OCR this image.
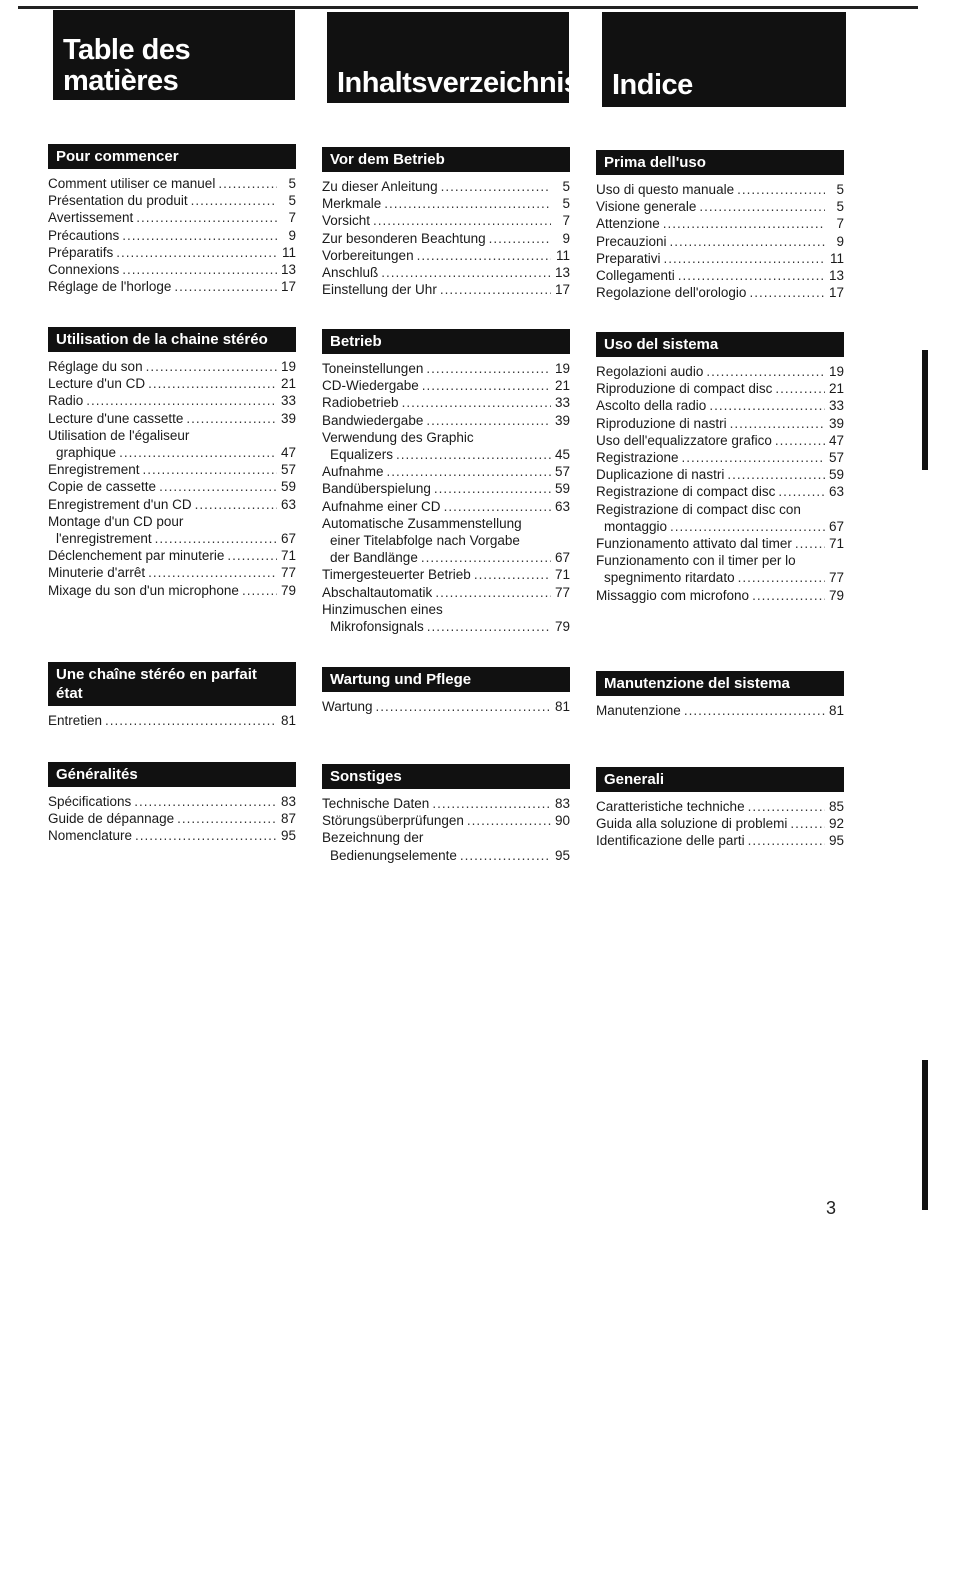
Table des
matières	Inhaltsverzeichnis	Indice
Pour commencer
Comment utiliser ce manuel .....	5
Présentation du produit .....	5
Avertissement .....	7
Précautions .....	9
Préparatifs .....	11
Connexions .....	13
Réglage de l'horloge .....	17
Utilisation de la chaine stéréo
Réglage du son .....	19
Lecture d'un CD .....	21
Radio .....	33
Lecture d'une cassette .....	39
Utilisation de l'égaliseur
graphique .....	47
Enregistrement .....	57
Copie de cassette .....	59
Enregistrement d'un CD .....	63
Montage d'un CD pour
l'enregistrement .....	67
Déclenchement par minuterie .....	71
Minuterie d'arrêt .....	77
Mixage du son d'un microphone .....	79
Une chaîne stéréo en parfait
état
Entretien .....	81
Généralités
Spécifications .....	83
Guide de dépannage .....	87
Nomenclature .....	95
Vor dem Betrieb
Zu dieser Anleitung .....	5
Merkmale .....	5
Vorsicht .....	7
Zur besonderen Beachtung .....	9
Vorbereitungen .....	11
Anschluß .....	13
Einstellung der Uhr .....	17
Betrieb
Toneinstellungen .....	19
CD-Wiedergabe .....	21
Radiobetrieb .....	33
Bandwiedergabe .....	39
Verwendung des Graphic
Equalizers .....	45
Aufnahme .....	57
Bandüberspielung .....	59
Aufnahme einer CD .....	63
Automatische Zusammenstellung
einer Titelabfolge nach Vorgabe
der Bandlänge .....	67
Timergesteuerter Betrieb .....	71
Abschaltautomatik .....	77
Hinzimuschen eines
Mikrofonsignals .....	79
Wartung und Pflege
Wartung .....	81
Sonstiges
Technische Daten .....	83
Störungsüberprüfungen .....	90
Bezeichnung der
Bedienungselemente .....	95
Prima dell'uso
Uso di questo manuale .....	5
Visione generale .....	5
Attenzione .....	7
Precauzioni .....	9
Preparativi .....	11
Collegamenti .....	13
Regolazione dell'orologio .....	17
Uso del sistema
Regolazioni audio .....	19
Riproduzione di compact disc .....	21
Ascolto della radio .....	33
Riproduzione di nastri .....	39
Uso dell'equalizzatore grafico .....	47
Registrazione .....	57
Duplicazione di nastri .....	59
Registrazione di compact disc .....	63
Registrazione di compact disc con
montaggio .....	67
Funzionamento attivato dal timer .....	71
Funzionamento con il timer per lo
spegnimento ritardato .....	77
Missaggio com microfono .....	79
Manutenzione del sistema
Manutenzione .....	81
Generali
Caratteristiche techniche .....	85
Guida alla soluzione di problemi .....	92
Identificazione delle parti .....	95
3
